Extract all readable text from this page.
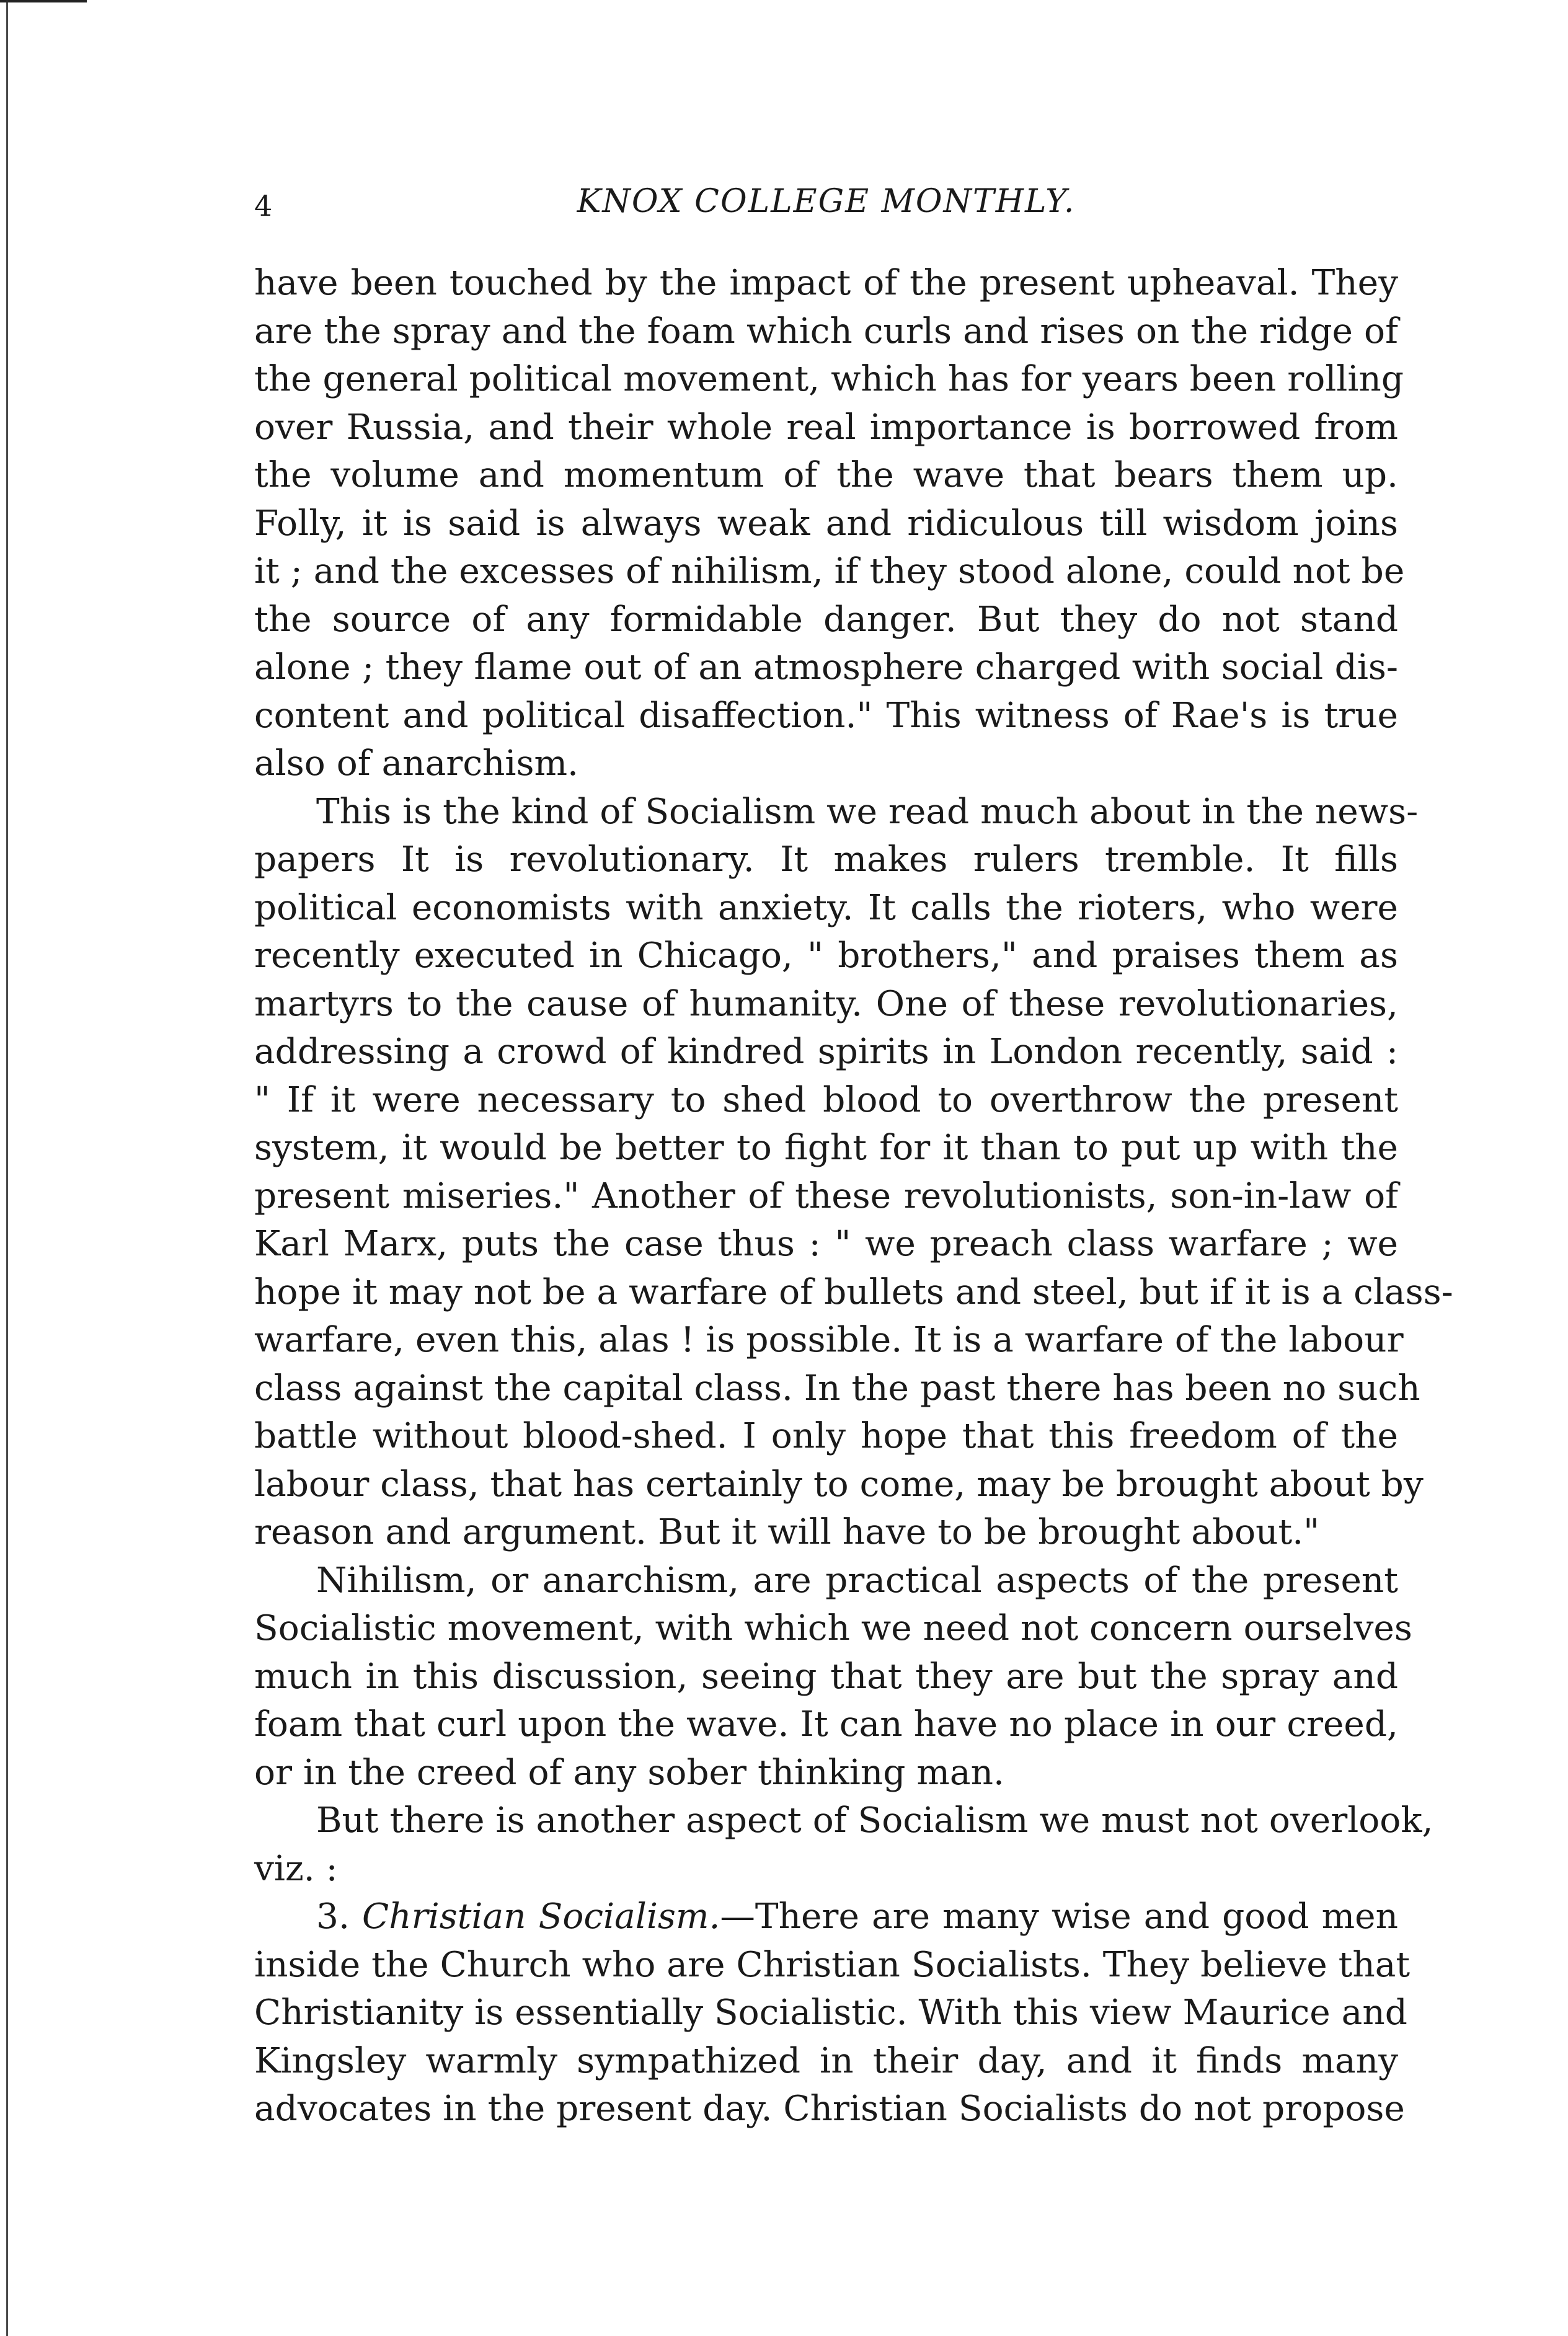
4	KNOX COLLEGE MONTHLY.
have been touched by the impact of the present upheaval. They
are the spray and the foam which curls and rises on the ridge of
the general political movement, which has for years been rolling
over Russia, and their whole real importance is borrowed from
the volume and momentum of the wave that bears them up.
Folly, it is said is always weak and ridiculous till wisdom joins
it ; and the excesses of nihilism, if they stood alone, could not be
the source of any formidable danger. But they do not stand
alone ; they flame out of an atmosphere charged with social dis-
content and political disaffection." This witness of Rae's is true
also of anarchism.
This is the kind of Socialism we read much about in the news-
papers It is revolutionary. It makes rulers tremble. It fills
political economists with anxiety. It calls the rioters, who were
recently executed in Chicago, " brothers," and praises them as
martyrs to the cause of humanity. One of these revolutionaries,
addressing a crowd of kindred spirits in London recently, said :
" If it were necessary to shed blood to overthrow the present
system, it would be better to fight for it than to put up with the
present miseries." Another of these revolutionists, son-in-law of
Karl Marx, puts the case thus : " we preach class warfare ; we
hope it may not be a warfare of bullets and steel, but if it is a class-
warfare, even this, alas ! is possible. It is a warfare of the labour
class against the capital class. In the past there has been no such
battle without blood-shed. I only hope that this freedom of the
labour class, that has certainly to come, may be brought about by
reason and argument. But it will have to be brought about."
Nihilism, or anarchism, are practical aspects of the present
Socialistic movement, with which we need not concern ourselves
much in this discussion, seeing that they are but the spray and
foam that curl upon the wave. It can have no place in our creed,
or in the creed of any sober thinking man.
But there is another aspect of Socialism we must not overlook,
viz. :
3. Christian Socialism.—There are many wise and good men
inside the Church who are Christian Socialists. They believe that
Christianity is essentially Socialistic. With this view Maurice and
Kingsley warmly sympathized in their day, and it finds many
advocates in the present day. Christian Socialists do not propose
